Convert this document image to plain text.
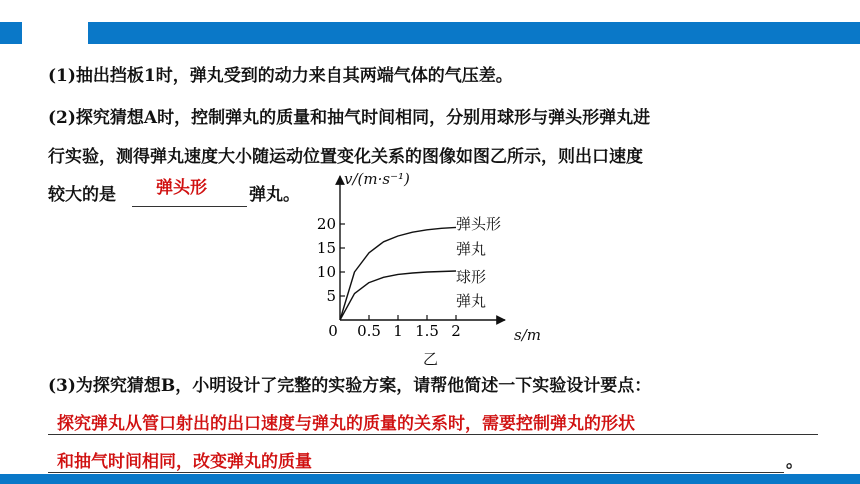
(1)抽出挡板1时，弹丸受到的动力来自其两端气体的气压差。
(2)探究猜想A时，控制弹丸的质量和抽气时间相同，分别用球形与弹头形弹丸进
行实验，测得弹丸速度大小随运动位置变化关系的图像如图乙所示，则出口速度
较大的是 弹头形 弹丸。
0.5 1 1.5 2
5
10
15
20
0
v/(m·s⁻¹)
s/m
乙
弹头形
弹丸
球形
弹丸
(3)为探究猜想B，小明设计了完整的实验方案，请帮他简述一下实验设计要点：
探究弹丸从管口射出的出口速度与弹丸的质量的关系时，需要控制弹丸的形状
和抽气时间相同，改变弹丸的质量	。
